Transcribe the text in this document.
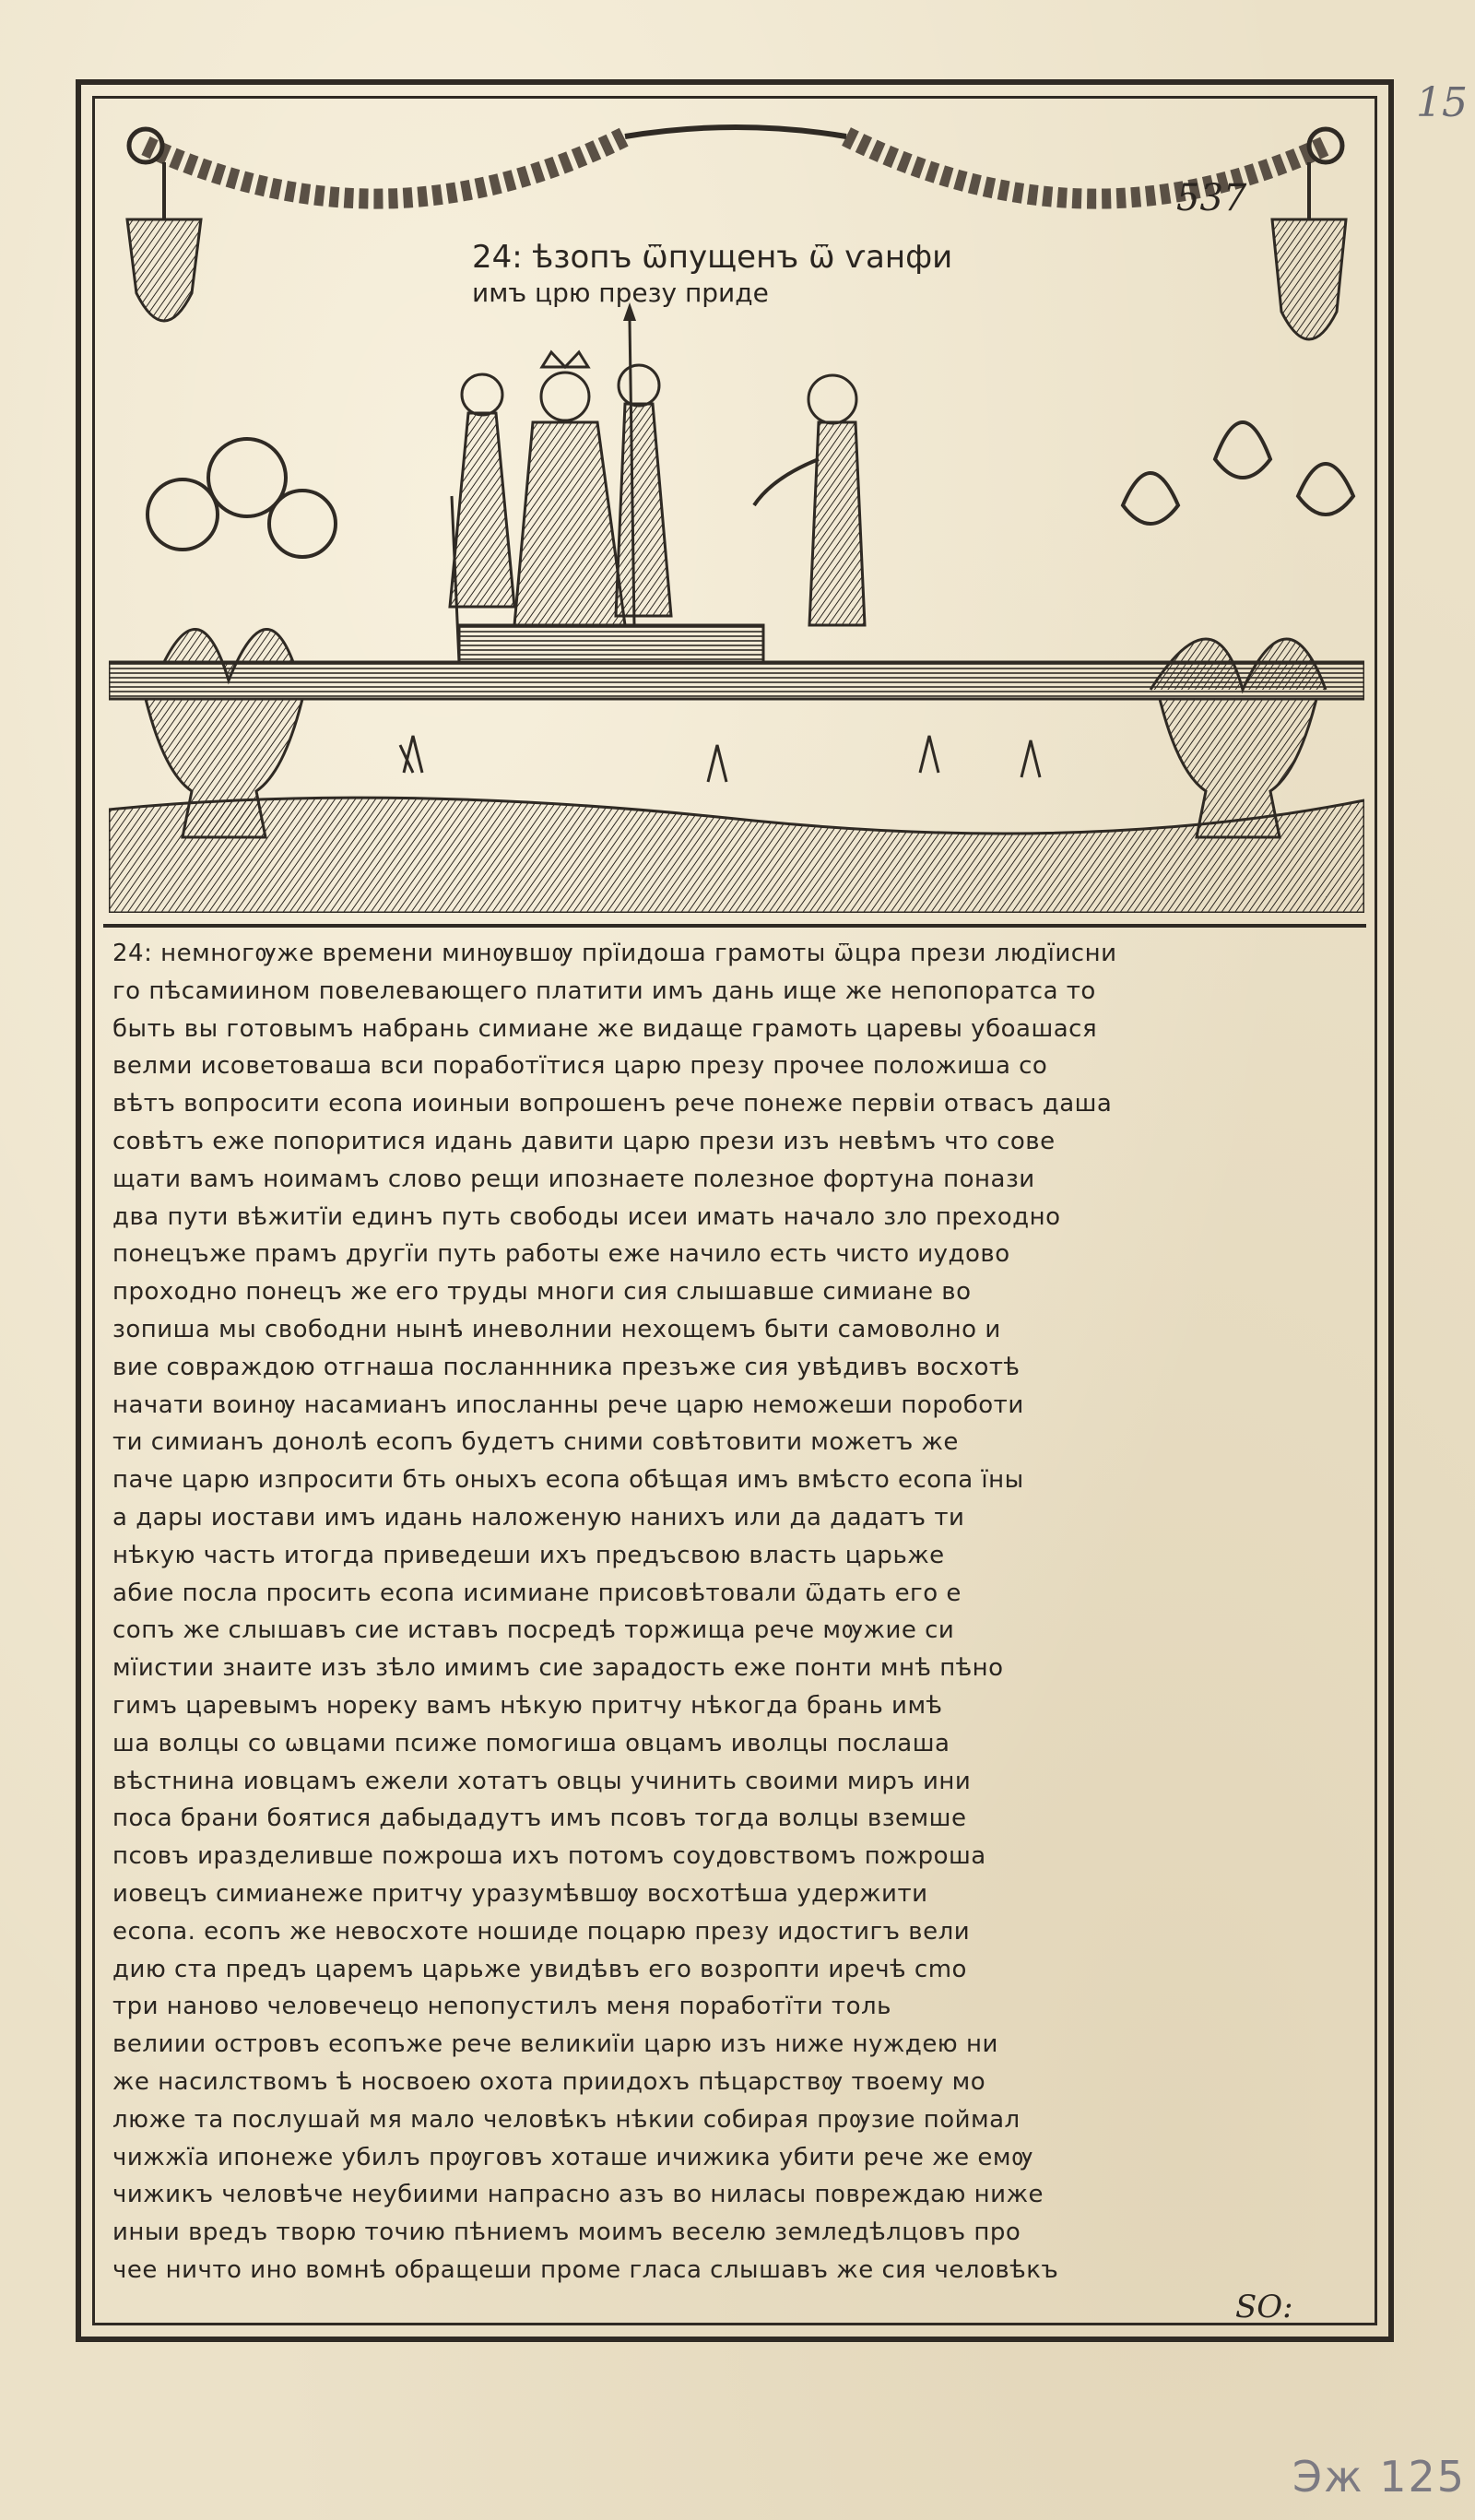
15
Эж 125
537
24: ѣзопъ ѿпущенъ ѿ ѵанфи
имъ црю презу приде
24: немногѹже времени минѹвшѹ прїидоша грамоты ѿцра прези людїисни
го пѣсамиином повелевающего платити имъ дань ище же непопоратса то
быть вы готовымъ набрань симиане же видаще грамоть царевы убоашася
велми исоветоваша вси поработїтися царю презу прочее положиша со
вѣтъ вопросити есопа иоиныи вопрошенъ рече понеже первіи отвасъ даша
совѣтъ еже попоритися идань давити царю прези изъ невѣмъ что сове
щати вамъ ноимамъ слово рещи ипознаете полезное фортуна понази
два пути вѣжитїи единъ путь свободы исеи имать начало зло преходно
понецъже прамъ другїи путь работы еже начило есть чисто иудово
проходно понецъ же его труды многи сия слышавше симиане во
зопиша мы свободни нынѣ иневолнии нехощемъ быти самоволно и
вие совраждою отгнаша посланнника презъже сия увѣдивъ восхотѣ
начати воинѹ насамианъ ипосланны рече царю неможеши пороботи
ти симианъ донолѣ есопъ будетъ сними совѣтовити можетъ же
паче царю изпросити бть оныхъ есопа обѣщая имъ вмѣсто есопа їны
а дары иостави имъ идань наложеную нанихъ или да дадатъ ти
нѣкую часть итогда приведеши ихъ предъсвою власть царьже
абие посла просить есопа исимиане присовѣтовали ѿдать его е
сопъ же слышавъ сие иставъ посредѣ торжища рече мѹжие си
мїистии знаите изъ зѣло имимъ сие зарадость еже понти мнѣ пѣно
гимъ царевымъ нореку вамъ нѣкую притчу нѣкогда брань имѣ
ша волцы со ѡвцами псиже помогиша овцамъ иволцы послаша
вѣстнина иовцамъ ежели хотатъ овцы учинить своими миръ ини
поса брани боятися дабыдадутъ имъ псовъ тогда волцы вземше
псовъ иразделивше пожроша ихъ потомъ соудовствомъ пожроша
иовецъ симианеже притчу уразумѣвшѹ восхотѣша удержити
есопа. есопъ же невосхоте ношиде поцарю презу идостигъ вели
дию ста предъ царемъ царьже увидѣвъ его возропти иречѣ сmo
три нановo человечецо непопустилъ меня поработїти толь
велиии островъ есопъже рече великиїи царю изъ ниже нуждею ни
же насилствомъ ѣ носвоею охота приидохъ пѣцарствѹ твоему мо
люже та послушай мя мало человѣкъ нѣкии собирая прѹзие поймал
чижжїа ипонеже убилъ прѹговъ хоташе ичижика убити рече же емѹ
чижикъ человѣче неубиими напрасно азъ во ниласы повреждаю ниже
иныи вредъ творю точию пѣниемъ моимъ веселю земледѣлцовъ про
чее ничто ино вомнѣ обращеши проме гласа слышавъ же сия человѣкъ
SO:
